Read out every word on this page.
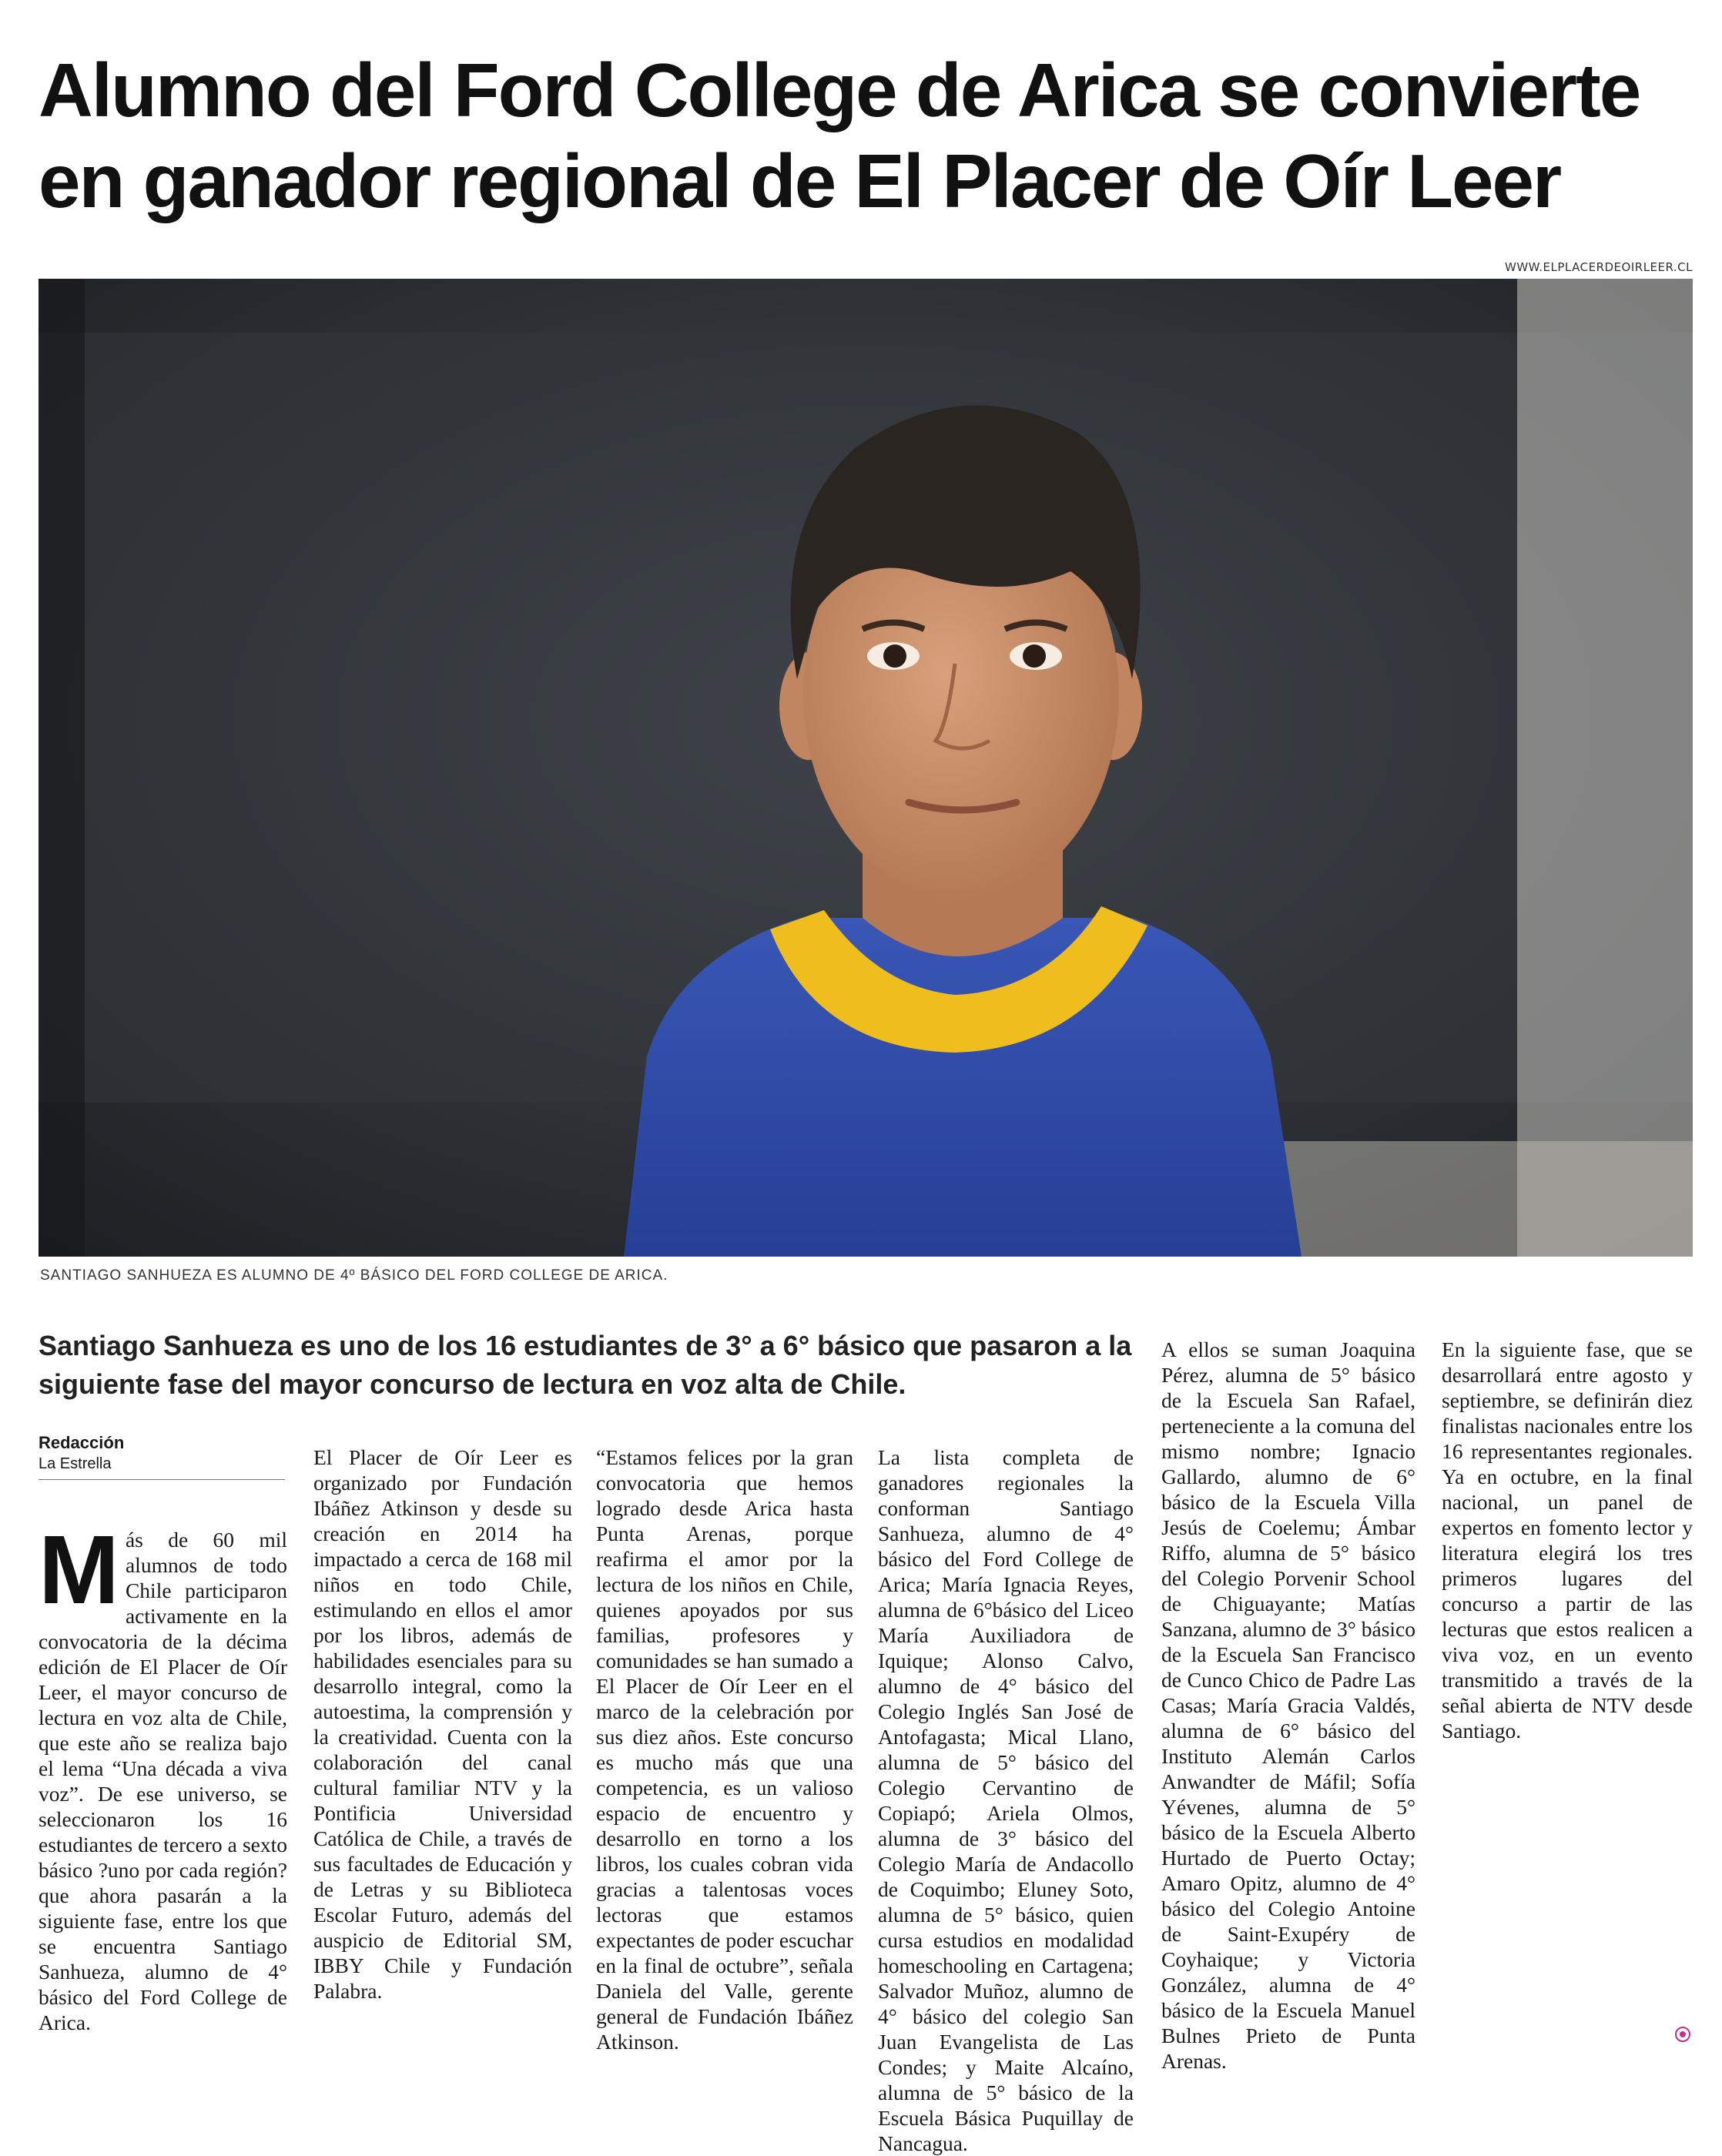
Alumno del Ford College de Arica se convierte
en ganador regional de El Placer de Oír Leer
WWW.ELPLACERDEOIRLEER.CL
SANTIAGO SANHUEZA ES ALUMNO DE 4º BÁSICO DEL FORD COLLEGE DE ARICA.
Santiago Sanhueza es uno de los 16 estudiantes de 3° a 6° básico que pasaron a la siguiente fase del mayor concurso de lectura en voz alta de Chile.
Redacción
La Estrella

Más de 60 mil alumnos de todo Chile participaron activamente en la convocatoria de la décima edición de El Placer de Oír Leer, el mayor concurso de lectura en voz alta de Chile, que este año se realiza bajo el lema “Una década a viva voz”. De ese universo, se seleccionaron los 16 estudiantes de tercero a sexto básico ?uno por cada región? que ahora pasarán a la siguiente fase, entre los que se encuentra Santiago Sanhueza, alumno de 4° básico del Ford College de Arica.

El Placer de Oír Leer es organizado por Fundación Ibáñez Atkinson y desde su creación en 2014 ha impactado a cerca de 168 mil niños en todo Chile, estimulando en ellos el amor por los libros, además de habilidades esenciales para su desarrollo integral, como la autoestima, la comprensión y la creatividad. Cuenta con la colaboración del canal cultural familiar NTV y la Pontificia Universidad Católica de Chile, a través de sus facultades de Educación y de Letras y su Biblioteca Escolar Futuro, además del auspicio de Editorial SM, IBBY Chile y Fundación Palabra.

“Estamos felices por la gran convocatoria que hemos logrado desde Arica hasta Punta Arenas, porque reafirma el amor por la lectura de los niños en Chile, quienes apoyados por sus familias, profesores y comunidades se han sumado a El Placer de Oír Leer en el marco de la celebración por sus diez años. Este concurso es mucho más que una competencia, es un valioso espacio de encuentro y desarrollo en torno a los libros, los cuales cobran vida gracias a talentosas voces lectoras que estamos expectantes de poder escuchar en la final de octubre”, señala Daniela del Valle, gerente general de Fundación Ibáñez Atkinson.

La lista completa de ganadores regionales la conforman Santiago Sanhueza, alumno de 4° básico del Ford College de Arica; María Ignacia Reyes, alumna de 6°básico del Liceo María Auxiliadora de Iquique; Alonso Calvo, alumno de 4° básico del Colegio Inglés San José de Antofagasta; Mical Llano, alumna de 5° básico del Colegio Cervantino de Copiapó; Ariela Olmos, alumna de 3° básico del Colegio María de Andacollo de Coquimbo; Eluney Soto, alumna de 5° básico, quien cursa estudios en modalidad homeschooling en Cartagena; Salvador Muñoz, alumno de 4° básico del colegio San Juan Evangelista de Las Condes; y Maite Alcaíno, alumna de 5° básico de la Escuela Básica Puquillay de Nancagua.

A ellos se suman Joaquina Pérez, alumna de 5° básico de la Escuela San Rafael, perteneciente a la comuna del mismo nombre; Ignacio Gallardo, alumno de 6° básico de la Escuela Villa Jesús de Coelemu; Ámbar Riffo, alumna de 5° básico del Colegio Porvenir School de Chiguayante; Matías Sanzana, alumno de 3° básico de la Escuela San Francisco de Cunco Chico de Padre Las Casas; María Gracia Valdés, alumna de 6° básico del Instituto Alemán Carlos Anwandter de Máfil; Sofía Yévenes, alumna de 5° básico de la Escuela Alberto Hurtado de Puerto Octay; Amaro Opitz, alumno de 4° básico del Colegio Antoine de Saint-Exupéry de Coyhaique; y Victoria González, alumna de 4° básico de la Escuela Manuel Bulnes Prieto de Punta Arenas.

En la siguiente fase, que se desarrollará entre agosto y septiembre, se definirán diez finalistas nacionales entre los 16 representantes regionales. Ya en octubre, en la final nacional, un panel de expertos en fomento lector y literatura elegirá los tres primeros lugares del concurso a partir de las lecturas que estos realicen a viva voz, en un evento transmitido a través de la señal abierta de NTV desde Santiago.
